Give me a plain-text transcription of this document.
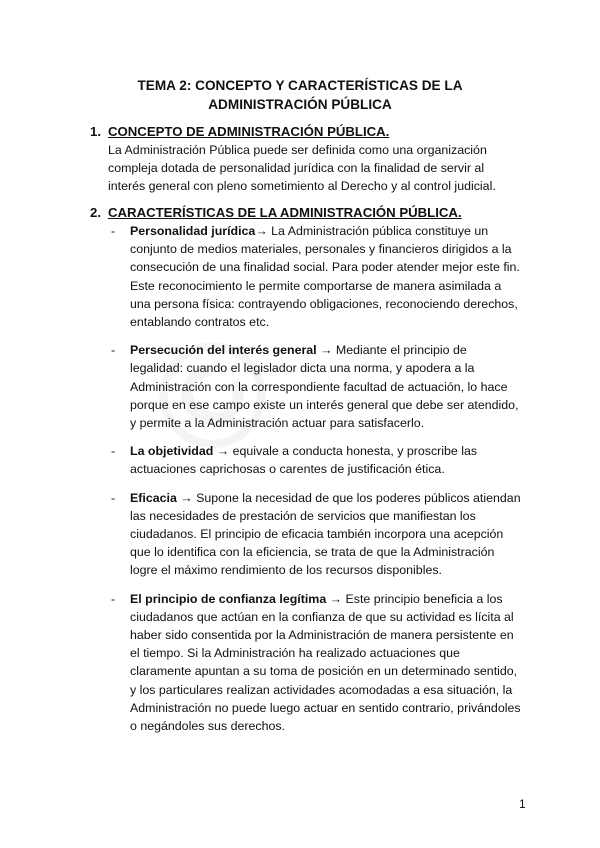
TEMA 2: CONCEPTO Y CARACTERÍSTICAS DE LA
ADMINISTRACIÓN PÚBLICA
1. CONCEPTO DE ADMINISTRACIÓN PÚBLICA.
La Administración Pública puede ser definida como una organización compleja dotada de personalidad jurídica con la finalidad de servir al interés general con pleno sometimiento al Derecho y al control judicial.
2. CARACTERÍSTICAS DE LA ADMINISTRACIÓN PÚBLICA.
- Personalidad jurídica→ La Administración pública constituye un conjunto de medios materiales, personales y financieros dirigidos a la consecución de una finalidad social. Para poder atender mejor este fin. Este reconocimiento le permite comportarse de manera asimilada a una persona física: contrayendo obligaciones, reconociendo derechos, entablando contratos etc.
- Persecución del interés general → Mediante el principio de legalidad: cuando el legislador dicta una norma, y apodera a la Administración con la correspondiente facultad de actuación, lo hace porque en ese campo existe un interés general que debe ser atendido, y permite a la Administración actuar para satisfacerlo.
- La objetividad → equivale a conducta honesta, y proscribe las actuaciones caprichosas o carentes de justificación ética.
- Eficacia → Supone la necesidad de que los poderes públicos atiendan las necesidades de prestación de servicios que manifiestan los ciudadanos. El principio de eficacia también incorpora una acepción que lo identifica con la eficiencia, se trata de que la Administración logre el máximo rendimiento de los recursos disponibles.
- El principio de confianza legítima → Este principio beneficia a los ciudadanos que actúan en la confianza de que su actividad es lícita al haber sido consentida por la Administración de manera persistente en el tiempo. Si la Administración ha realizado actuaciones que claramente apuntan a su toma de posición en un determinado sentido, y los particulares realizan actividades acomodadas a esa situación, la Administración no puede luego actuar en sentido contrario, privándoles o negándoles sus derechos.
1
